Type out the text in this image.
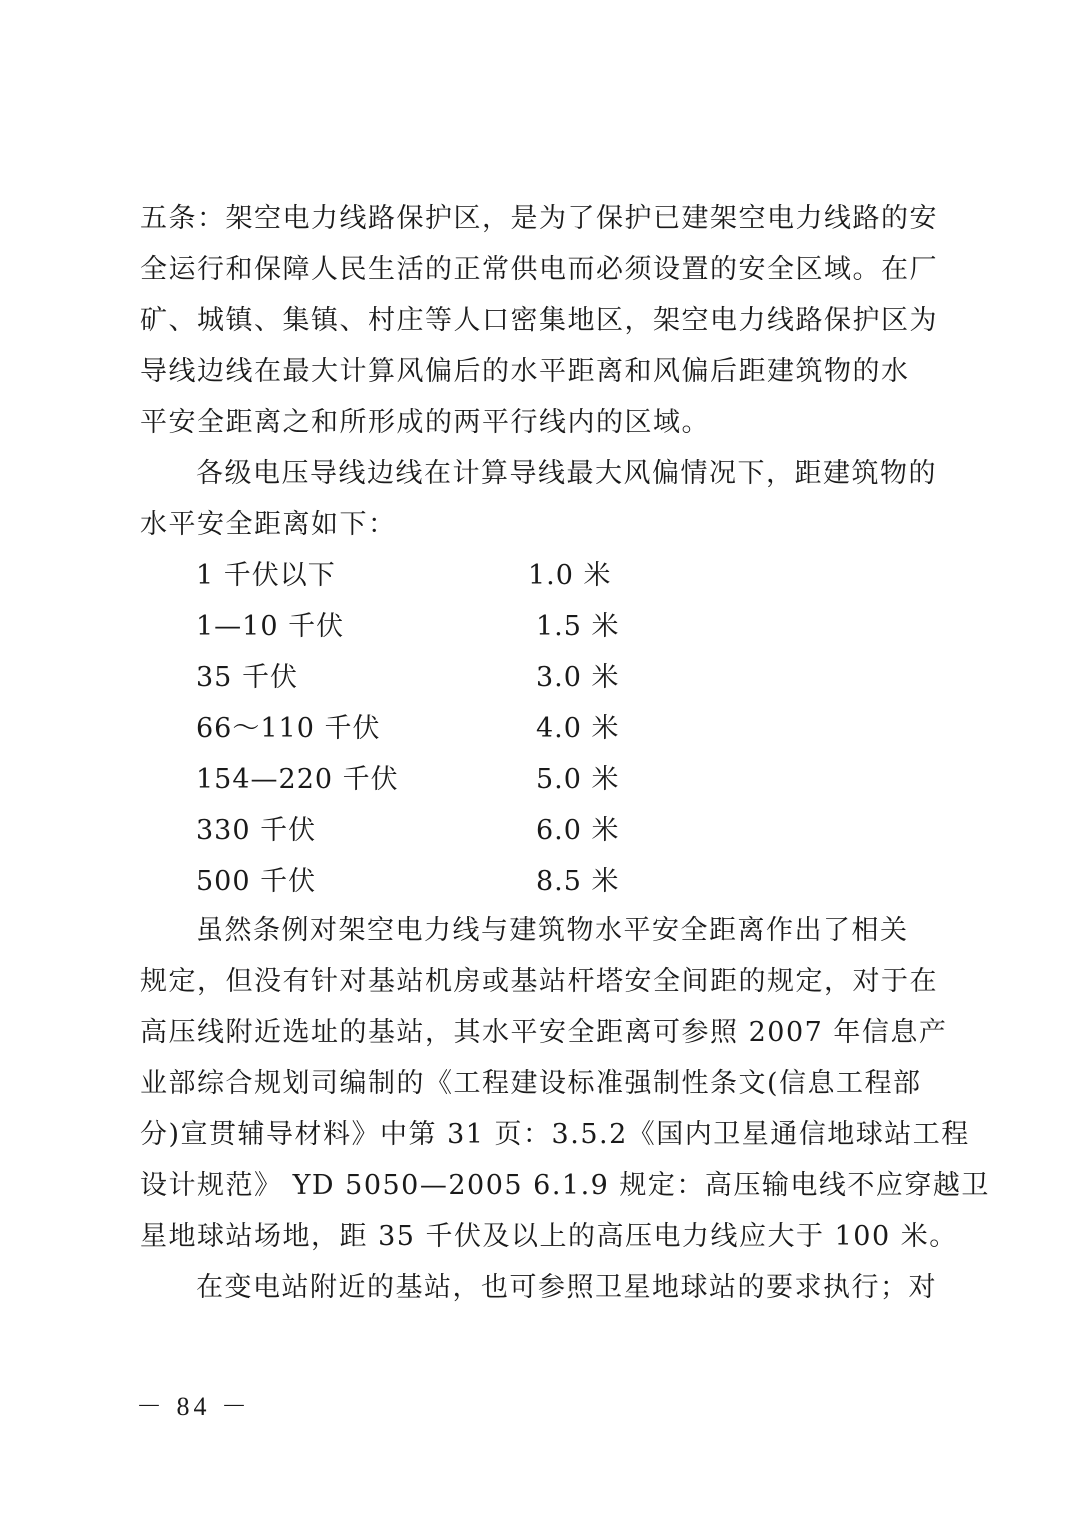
五条：架空电力线路保护区，是为了保护已建架空电力线路的安
全运行和保障人民生活的正常供电而必须设置的安全区域。在厂
矿、城镇、集镇、村庄等人口密集地区，架空电力线路保护区为
导线边线在最大计算风偏后的水平距离和风偏后距建筑物的水
平安全距离之和所形成的两平行线内的区域。
各级电压导线边线在计算导线最大风偏情况下，距建筑物的
水平安全距离如下：
1 千伏以下	1.0 米
1—10 千伏	1.5 米
35 千伏	3.0 米
66～110 千伏	4.0 米
154—220 千伏	5.0 米
330 千伏	6.0 米
500 千伏	8.5 米
虽然条例对架空电力线与建筑物水平安全距离作出了相关
规定，但没有针对基站机房或基站杆塔安全间距的规定，对于在
高压线附近选址的基站，其水平安全距离可参照 2007 年信息产
业部综合规划司编制的《工程建设标准强制性条文(信息工程部
分)宣贯辅导材料》中第 31 页：3.5.2《国内卫星通信地球站工程
设计规范》 YD 5050—2005 6.1.9 规定：高压输电线不应穿越卫
星地球站场地，距 35 千伏及以上的高压电力线应大于 100 米。
在变电站附近的基站，也可参照卫星地球站的要求执行；对
－ 84 －
